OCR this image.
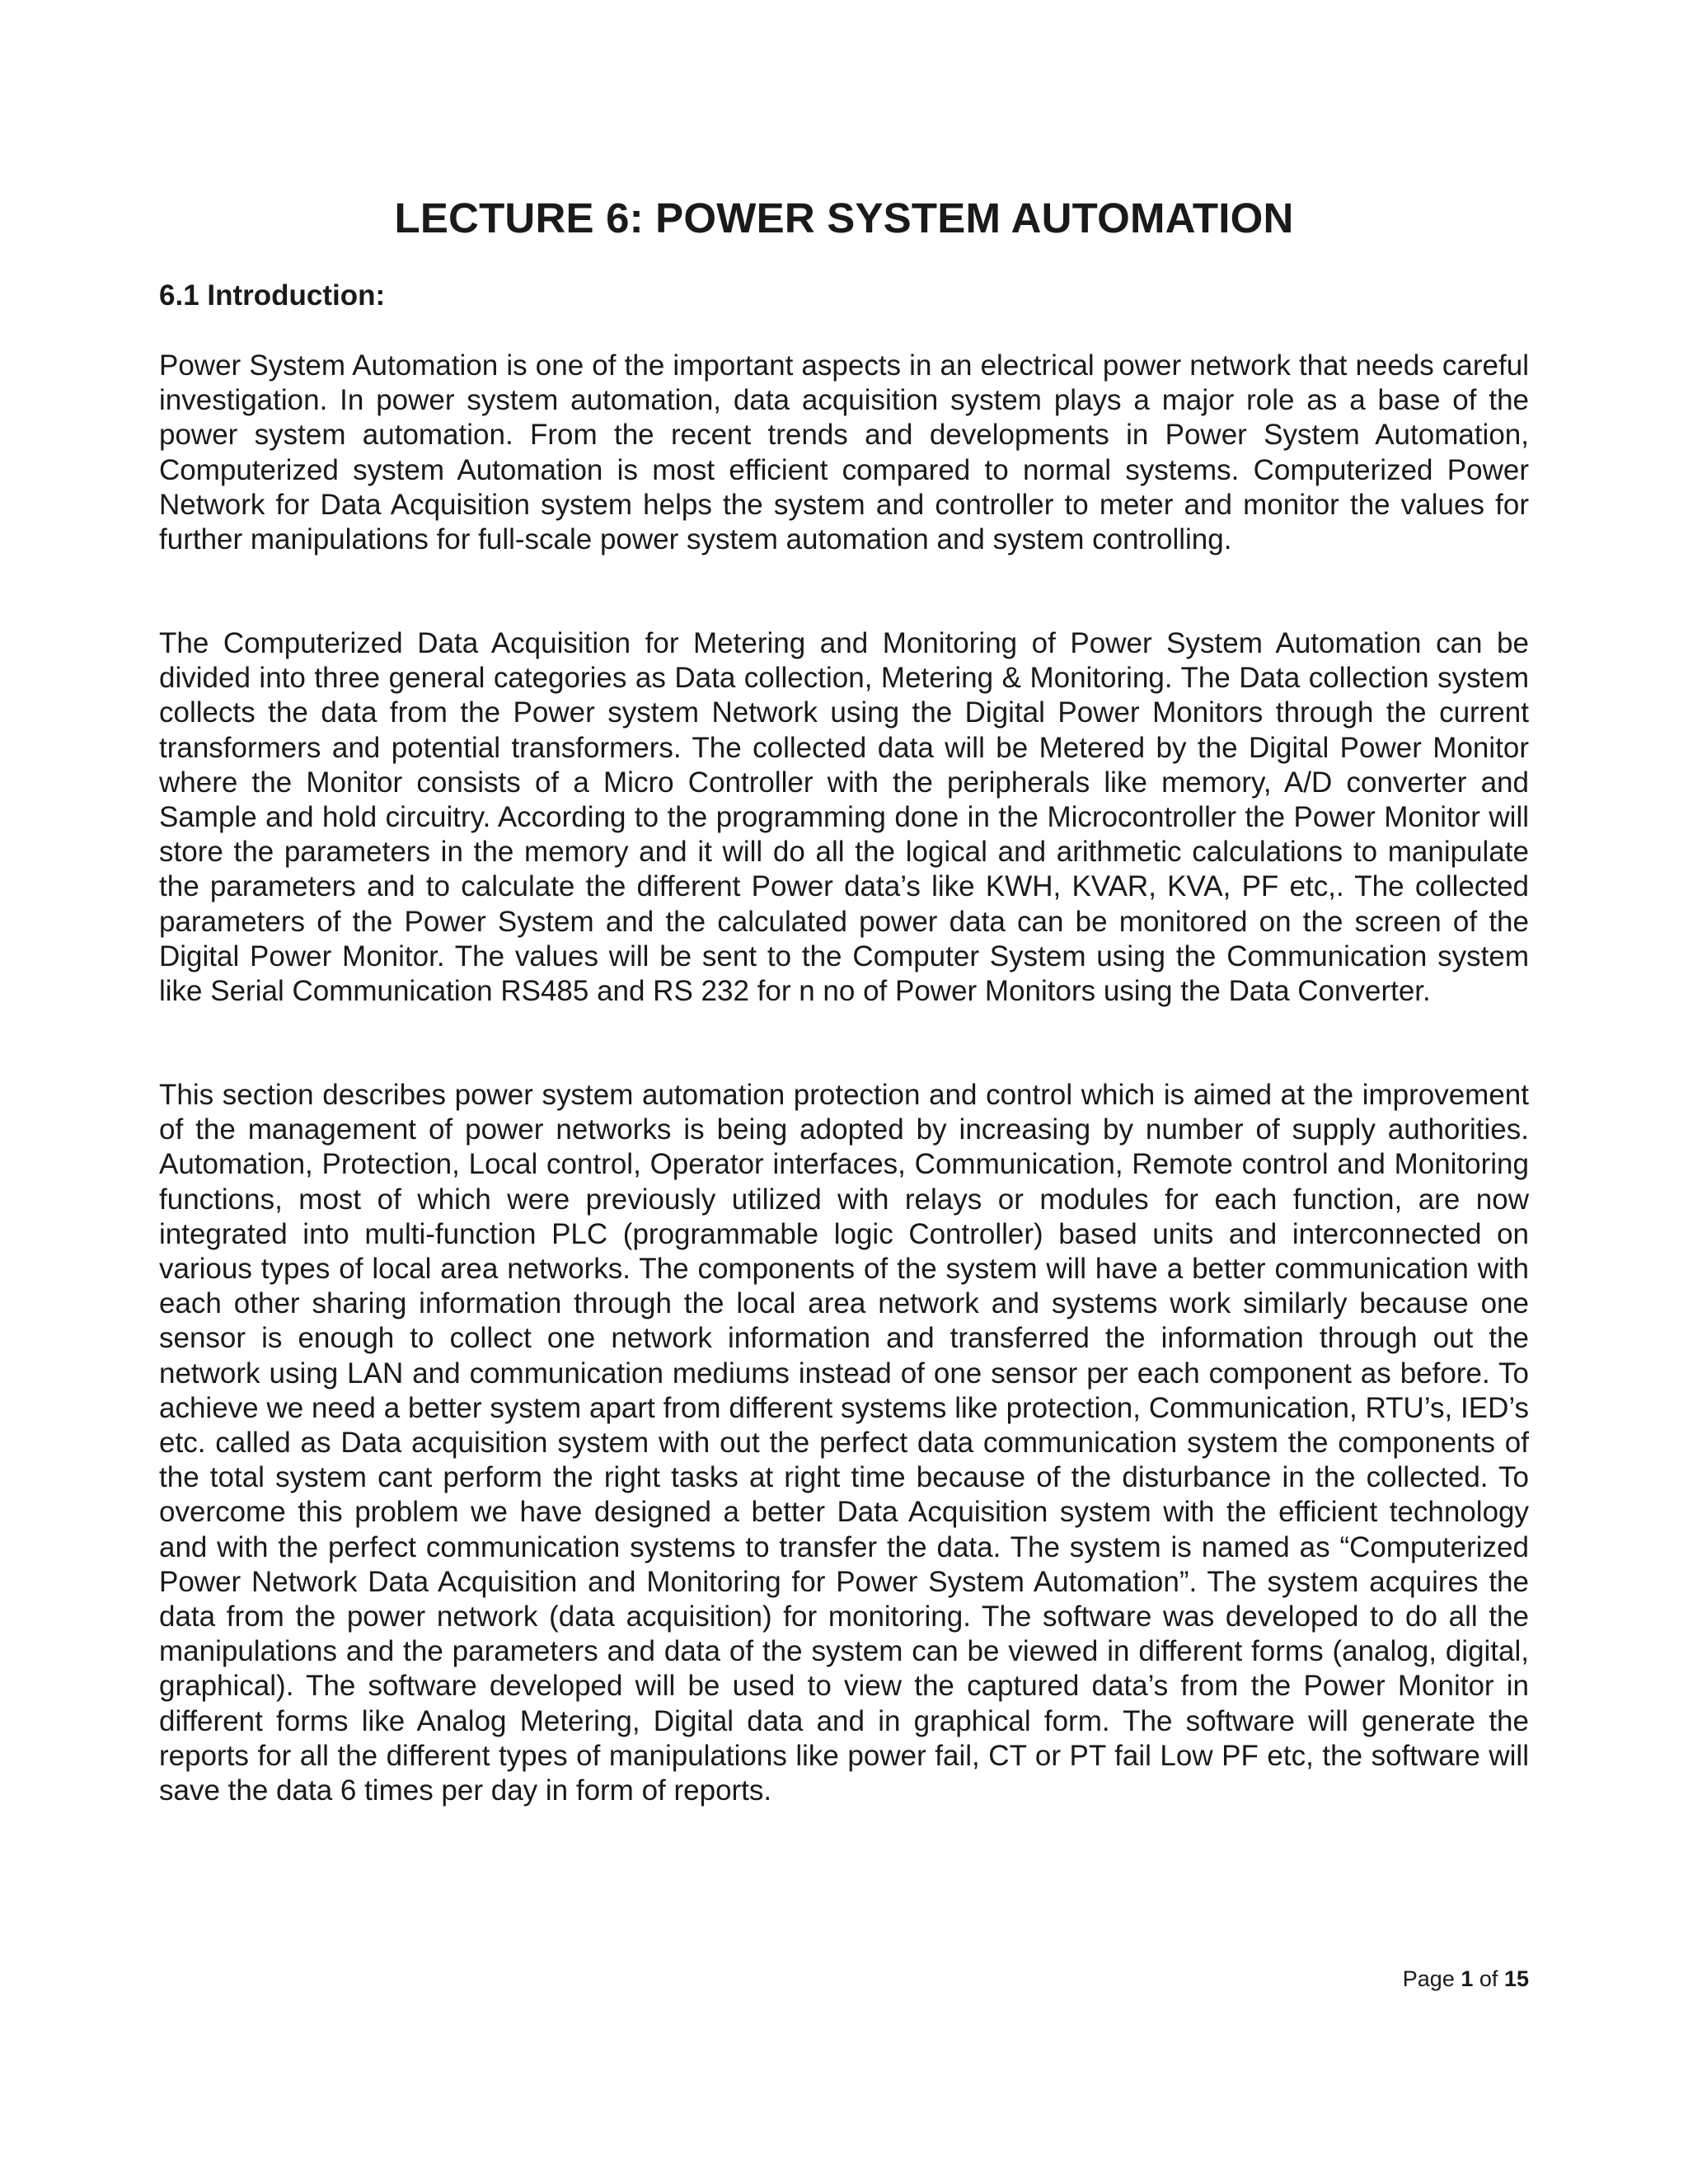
LECTURE 6: POWER SYSTEM AUTOMATION
6.1 Introduction:

Power System Automation is one of the important aspects in an electrical power network that needs careful investigation. In power system automation, data acquisition system plays a major role as a base of the power system automation. From the recent trends and developments in Power System Automation, Computerized system Automation is most efficient compared to normal systems. Computerized Power Network for Data Acquisition system helps the system and controller to meter and monitor the values for further manipulations for full-scale power system automation and system controlling.

The Computerized Data Acquisition for Metering and Monitoring of Power System Automation can be divided into three general categories as Data collection, Metering & Monitoring. The Data collection system collects the data from the Power system Network using the Digital Power Monitors through the current transformers and potential transformers. The collected data will be Metered by the Digital Power Monitor where the Monitor consists of a Micro Controller with the peripherals like memory, A/D converter and Sample and hold circuitry. According to the programming done in the Microcontroller the Power Monitor will store the parameters in the memory and it will do all the logical and arithmetic calculations to manipulate the parameters and to calculate the different Power data’s like KWH, KVAR, KVA, PF etc,. The collected parameters of the Power System and the calculated power data can be monitored on the screen of the Digital Power Monitor. The values will be sent to the Computer System using the Communication system like Serial Communication RS485 and RS 232 for n no of Power Monitors using the Data Converter.

This section describes power system automation protection and control which is aimed at the improvement of the management of power networks is being adopted by increasing by number of supply authorities. Automation, Protection, Local control, Operator interfaces, Communication, Remote control and Monitoring functions, most of which were previously utilized with relays or modules for each function, are now integrated into multi-function PLC (programmable logic Controller) based units and interconnected on various types of local area networks. The components of the system will have a better communication with each other sharing information through the local area network and systems work similarly because one sensor is enough to collect one network information and transferred the information through out the network using LAN and communication mediums instead of one sensor per each component as before. To achieve we need a better system apart from different systems like protection, Communication, RTU’s, IED’s etc. called as Data acquisition system with out the perfect data communication system the components of the total system cant perform the right tasks at right time because of the disturbance in the collected. To overcome this problem we have designed a better Data Acquisition system with the efficient technology and with the perfect communication systems to transfer the data. The system is named as “Computerized Power Network Data Acquisition and Monitoring for Power System Automation”. The system acquires the data from the power network (data acquisition) for monitoring. The software was developed to do all the manipulations and the parameters and data of the system can be viewed in different forms (analog, digital, graphical). The software developed will be used to view the captured data’s from the Power Monitor in different forms like Analog Metering, Digital data and in graphical form. The software will generate the reports for all the different types of manipulations like power fail, CT or PT fail Low PF etc, the software will save the data 6 times per day in form of reports.

Page 1 of 15
